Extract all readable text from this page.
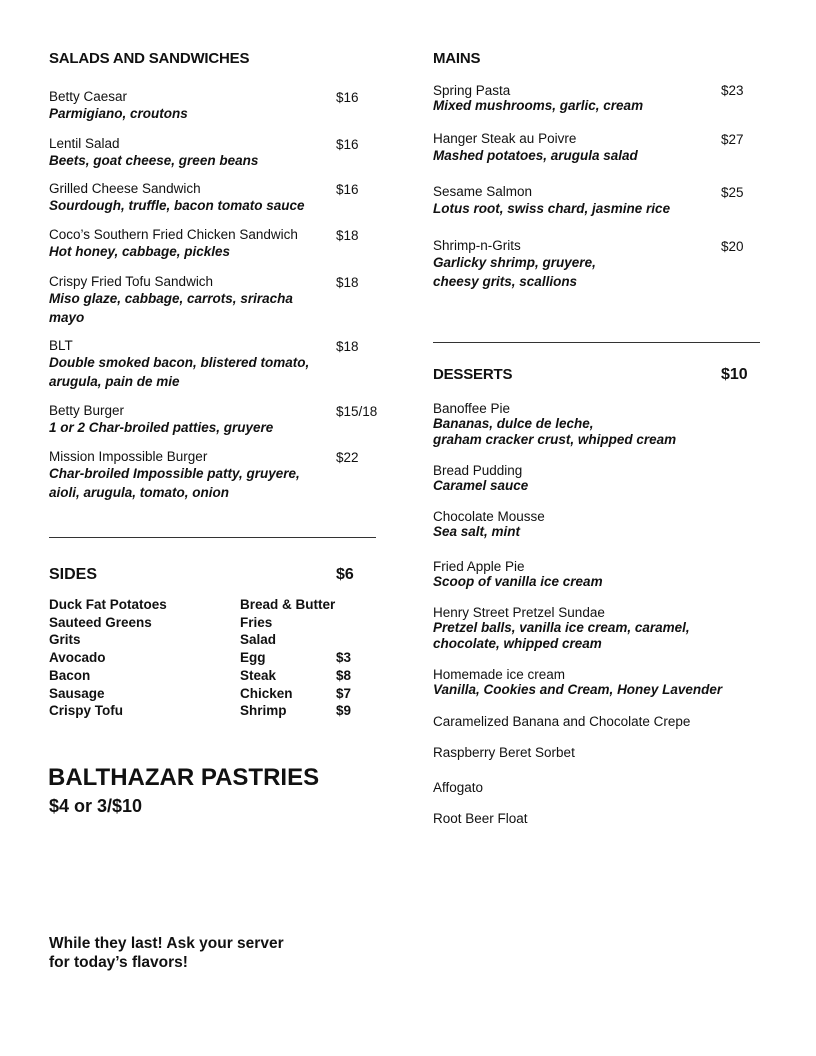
SALADS AND SANDWICHES
Betty Caesar
Parmigiano, croutons
$16
Lentil Salad
Beets, goat cheese, green beans
$16
Grilled Cheese Sandwich
Sourdough, truffle, bacon tomato sauce
$16
Coco’s Southern Fried Chicken Sandwich
Hot honey, cabbage, pickles
$18
Crispy Fried Tofu Sandwich
Miso glaze, cabbage, carrots, sriracha mayo
$18
BLT
Double smoked bacon, blistered tomato, arugula, pain de mie
$18
Betty Burger
1 or 2 Char-broiled patties, gruyere
$15/18
Mission Impossible Burger
Char-broiled Impossible patty, gruyere, aioli, arugula, tomato, onion
$22
SIDES	$6
Duck Fat Potatoes
Sauteed Greens
Grits
Avocado
Bacon
Sausage
Crispy Tofu
Bread & Butter
Fries
Salad
Egg
Steak
Chicken
Shrimp

$3
$8
$7
$9
BALTHAZAR PASTRIES
$4 or 3/$10
While they last! Ask your server
for today’s flavors!
MAINS
Spring Pasta
Mixed mushrooms, garlic, cream
$23
Hanger Steak au Poivre
Mashed potatoes, arugula salad
$27
Sesame Salmon
Lotus root, swiss chard, jasmine rice
$25
Shrimp-n-Grits
Garlicky shrimp, gruyere,
cheesy grits, scallions
$20
DESSERTS	$10
Banoffee Pie
Bananas, dulce de leche,
graham cracker crust, whipped cream
Bread Pudding
Caramel sauce
Chocolate Mousse
Sea salt, mint
Fried Apple Pie
Scoop of vanilla ice cream
Henry Street Pretzel Sundae
Pretzel balls, vanilla ice cream, caramel,
chocolate, whipped cream
Homemade ice cream
Vanilla, Cookies and Cream, Honey Lavender
Caramelized Banana and Chocolate Crepe
Raspberry Beret Sorbet
Affogato
Root Beer Float
